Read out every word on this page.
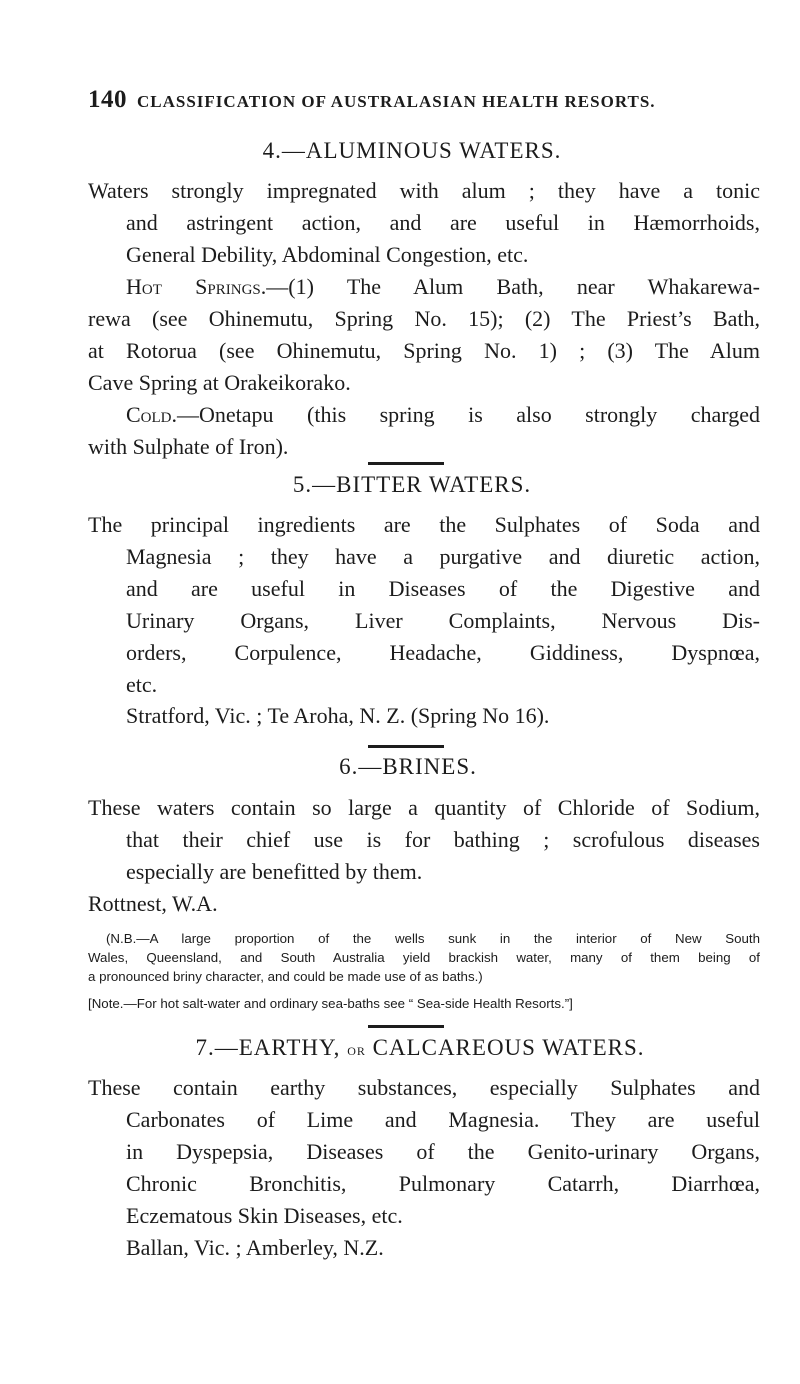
140 CLASSIFICATION OF AUSTRALASIAN HEALTH RESORTS.
4.—ALUMINOUS WATERS.
Waters strongly impregnated with alum ; they have a tonic
and astringent action, and are useful in Hæmorrhoids,
General Debility, Abdominal Congestion, etc.
Hot Springs.—(1) The Alum Bath, near Whakarewa-
rewa (see Ohinemutu, Spring No. 15); (2) The Priest’s Bath,
at Rotorua (see Ohinemutu, Spring No. 1) ; (3) The Alum
Cave Spring at Orakeikorako.
Cold.—Onetapu (this spring is also strongly charged
with Sulphate of Iron).
5.—BITTER WATERS.
The principal ingredients are the Sulphates of Soda and
Magnesia ; they have a purgative and diuretic action,
and are useful in Diseases of the Digestive and
Urinary Organs, Liver Complaints, Nervous Dis-
orders, Corpulence, Headache, Giddiness, Dyspnœa,
etc.
Stratford, Vic. ; Te Aroha, N. Z. (Spring No 16).
6.—BRINES.
These waters contain so large a quantity of Chloride of Sodium,
that their chief use is for bathing ; scrofulous diseases
especially are benefitted by them.
Rottnest, W.A.
(N.B.—A large proportion of the wells sunk in the interior of New South
Wales, Queensland, and South Australia yield brackish water, many of them being of
a pronounced briny character, and could be made use of as baths.)
[Note.—For hot salt-water and ordinary sea-baths see “ Sea-side Health Resorts.”]
7.—EARTHY, or CALCAREOUS WATERS.
These contain earthy substances, especially Sulphates and
Carbonates of Lime and Magnesia. They are useful
in Dyspepsia, Diseases of the Genito-urinary Organs,
Chronic Bronchitis, Pulmonary Catarrh, Diarrhœa,
Eczematous Skin Diseases, etc.
Ballan, Vic. ; Amberley, N.Z.
